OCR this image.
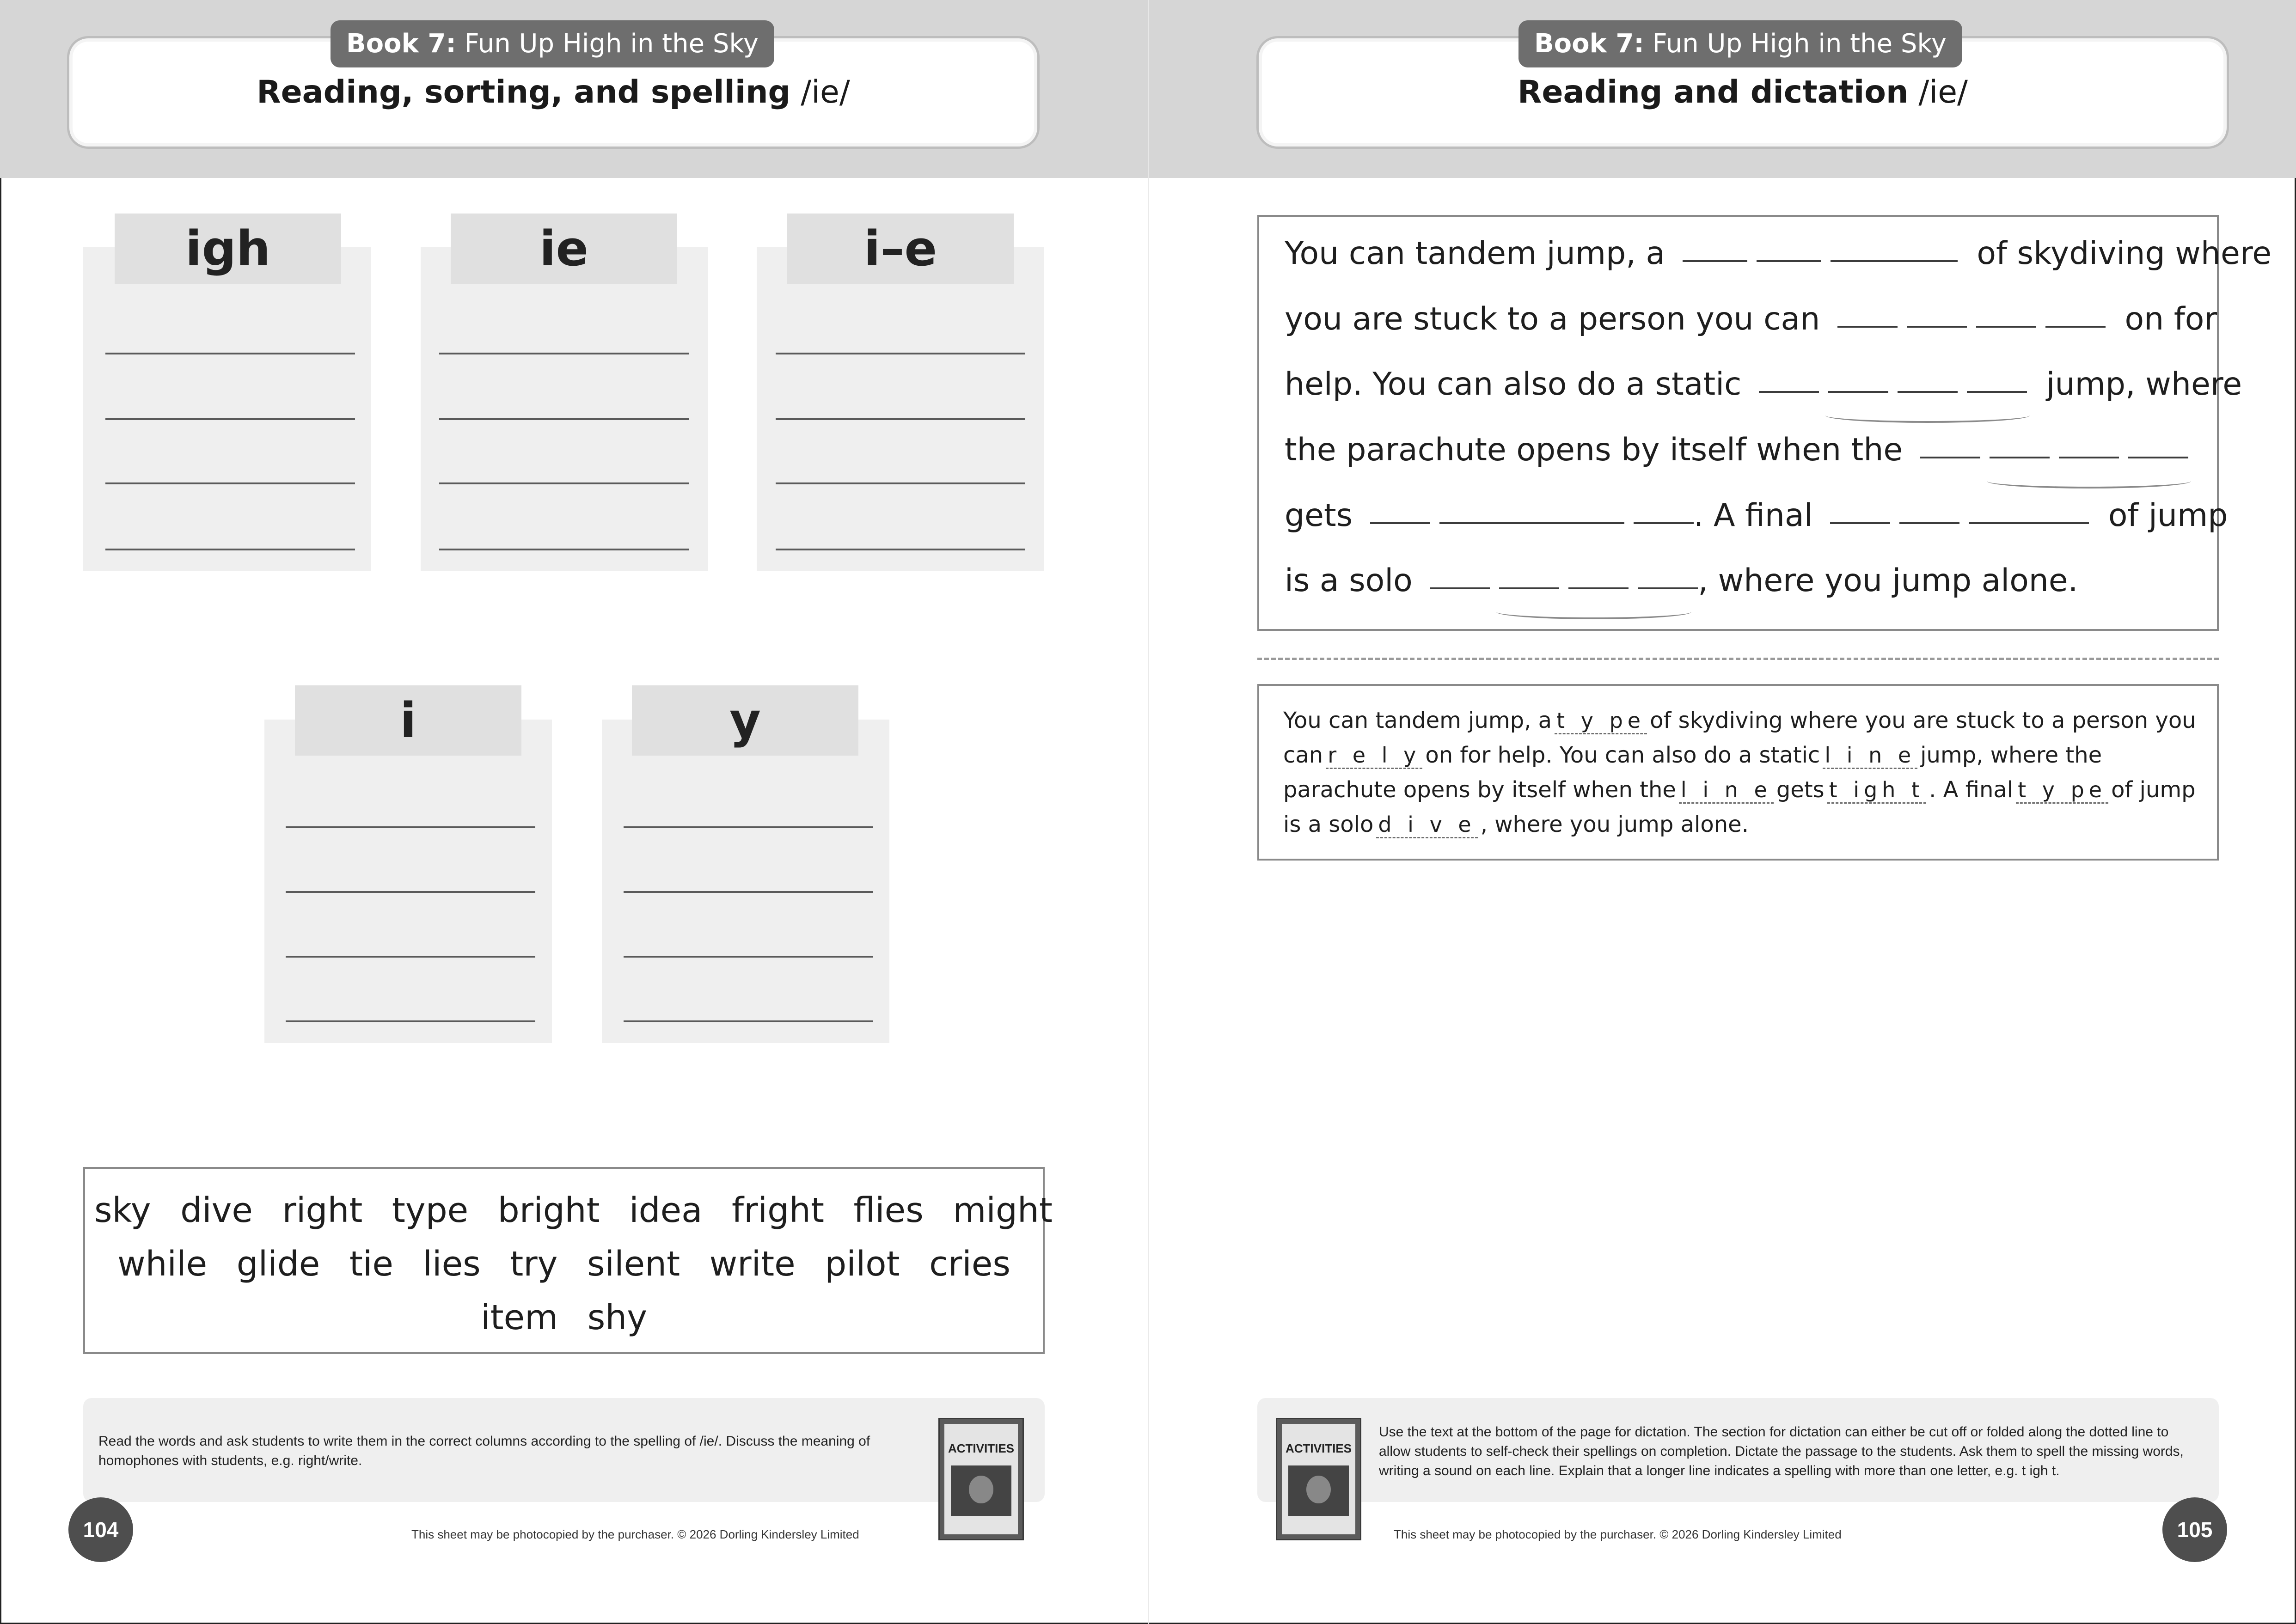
Book 7: Fun Up High in the Sky
Reading, sorting, and spelling /ie/
igh	ie	i–e
i	y
sky dive right type bright idea fright flies might
while glide tie lies try silent write pilot cries
item shy
Read the words and ask students to write them in the correct columns according to the spelling of /ie/. Discuss the meaning of homophones with students, e.g. right/write.
ACTIVITIES
104	This sheet may be photocopied by the purchaser. © 2026 Dorling Kindersley Limited
Book 7: Fun Up High in the Sky
Reading and dictation /ie/
You can tandem jump, a	of skydiving where
you are stuck to a person you can	on for
help. You can also do a static	jump, where
the parachute opens by itself when the
gets	. A final	of jump
is a solo	, where you jump alone.
You can tandem jump, a t y pe of skydiving where you are stuck to a person you can r e l y on for help. You can also do a static l i n e jump, where the parachute opens by itself when the l i n e gets t igh t . A final t y pe of jump is a solo d i v e , where you jump alone.
ACTIVITIES
Use the text at the bottom of the page for dictation. The section for dictation can either be cut off or folded along the dotted line to allow students to self-check their spellings on completion. Dictate the passage to the students. Ask them to spell the missing words, writing a sound on each line. Explain that a longer line indicates a spelling with more than one letter, e.g. t igh t.
This sheet may be photocopied by the purchaser. © 2026 Dorling Kindersley Limited	105
